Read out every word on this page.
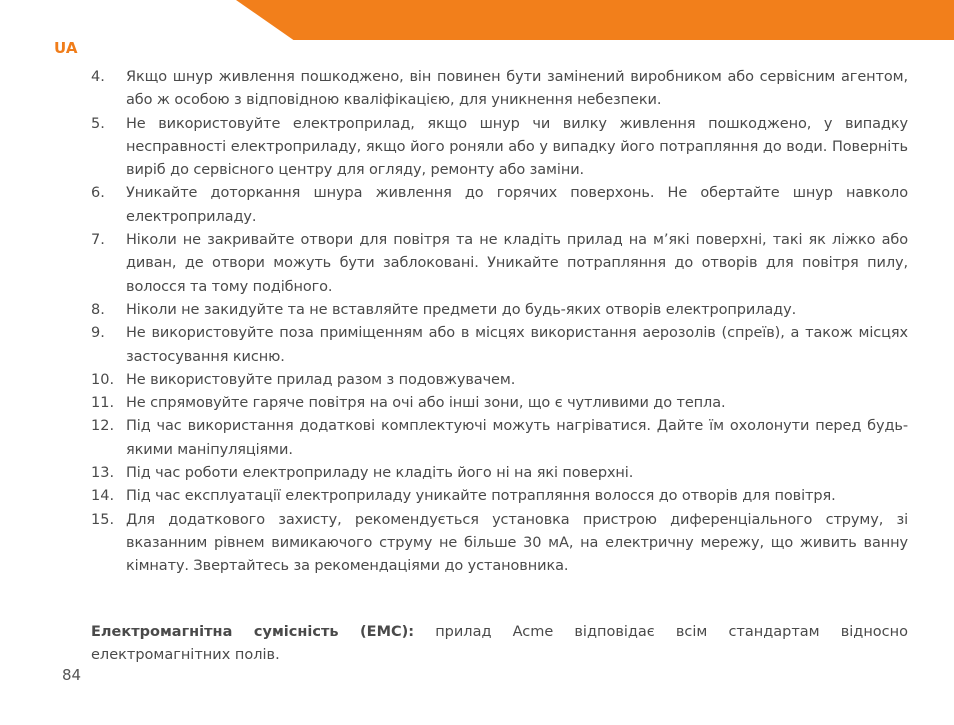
UA
4.	Якщо шнур живлення пошкоджено, він повинен бути замінений виробником або сервісним агентом, або ж особою з відповідною кваліфікацією, для уникнення небезпеки.
5.	Не використовуйте електроприлад, якщо шнур чи вилку живлення пошкоджено, у випадку несправності електроприладу, якщо його роняли або у випадку його потрапляння до води. Поверніть виріб до сервісного центру для огляду, ремонту або заміни.
6.	Уникайте доторкання шнура живлення до горячих поверхонь. Не обертайте шнур навколо електроприладу.
7.	Ніколи не закривайте отвори для повітря та не кладіть прилад на м’які поверхні, такі як ліжко або диван, де отвори можуть бути заблоковані. Уникайте потрапляння до отворів для повітря пилу, волосся та тому подібного.
8.	Ніколи не закидуйте та не вставляйте предмети до будь-яких отворів електроприладу.
9.	Не використовуйте поза приміщенням або в місцях використання аерозолів (спреїв), а також місцях застосування кисню.
10. Не використовуйте прилад разом з подовжувачем.
11. Не спрямовуйте гаряче повітря на очі або інші зони, що є чутливими до тепла.
12. Під час використання додаткові комплектуючі можуть нагріватися. Дайте їм охолонути перед будь-якими маніпуляціями.
13. Під час роботи електроприладу не кладіть його ні на які поверхні.
14. Під час експлуатації електроприладу уникайте потрапляння волосся до отворів для повітря.
15. Для додаткового захисту, рекомендується установка пристрою диференціального струму, зі вказанним рівнем вимикаючого струму не більше 30 мА, на електричну мережу, що живить ванну кімнату. Звертайтесь за рекомендаціями до установника.
Електромагнітна сумісність (EMC): прилад Acme відповідає всім стандартам відносно електромагнітних полів.
84
